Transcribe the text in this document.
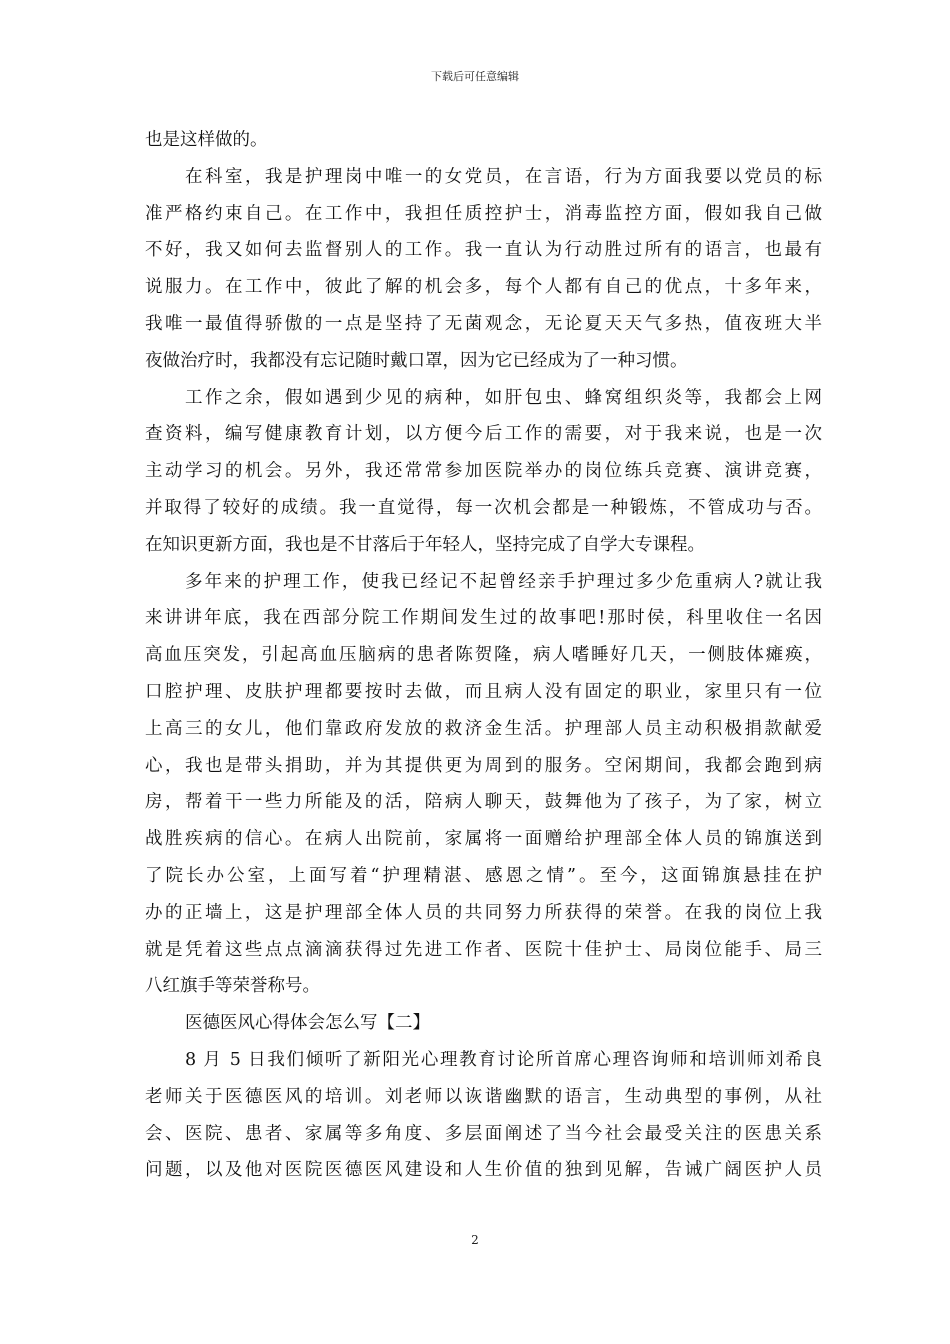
下载后可任意编辑
也是这样做的。
在科室，我是护理岗中唯一的女党员，在言语，行为方面我要以党员的标
准严格约束自己。在工作中，我担任质控护士，消毒监控方面，假如我自己做
不好，我又如何去监督别人的工作。我一直认为行动胜过所有的语言，也最有
说服力。在工作中，彼此了解的机会多，每个人都有自己的优点，十多年来，
我唯一最值得骄傲的一点是坚持了无菌观念，无论夏天天气多热，值夜班大半
夜做治疗时，我都没有忘记随时戴口罩，因为它已经成为了一种习惯。
工作之余，假如遇到少见的病种，如肝包虫、蜂窝组织炎等，我都会上网
查资料，编写健康教育计划，以方便今后工作的需要，对于我来说，也是一次
主动学习的机会。另外，我还常常参加医院举办的岗位练兵竞赛、演讲竞赛，
并取得了较好的成绩。我一直觉得，每一次机会都是一种锻炼，不管成功与否。
在知识更新方面，我也是不甘落后于年轻人，坚持完成了自学大专课程。
多年来的护理工作，使我已经记不起曾经亲手护理过多少危重病人?就让我
来讲讲年底，我在西部分院工作期间发生过的故事吧!那时侯，科里收住一名因
高血压突发，引起高血压脑病的患者陈贺隆，病人嗜睡好几天，一侧肢体瘫痪，
口腔护理、皮肤护理都要按时去做，而且病人没有固定的职业，家里只有一位
上高三的女儿，他们靠政府发放的救济金生活。护理部人员主动积极捐款献爱
心，我也是带头捐助，并为其提供更为周到的服务。空闲期间，我都会跑到病
房，帮着干一些力所能及的活，陪病人聊天，鼓舞他为了孩子，为了家，树立
战胜疾病的信心。在病人出院前，家属将一面赠给护理部全体人员的锦旗送到
了院长办公室，上面写着“护理精湛、感恩之情”。至今，这面锦旗悬挂在护
办的正墙上，这是护理部全体人员的共同努力所获得的荣誉。在我的岗位上我
就是凭着这些点点滴滴获得过先进工作者、医院十佳护士、局岗位能手、局三
八红旗手等荣誉称号。
医德医风心得体会怎么写【二】
8 月 5 日我们倾听了新阳光心理教育讨论所首席心理咨询师和培训师刘希良
老师关于医德医风的培训。刘老师以诙谐幽默的语言，生动典型的事例，从社
会、医院、患者、家属等多角度、多层面阐述了当今社会最受关注的医患关系
问题，以及他对医院医德医风建设和人生价值的独到见解，告诫广阔医护人员
2
